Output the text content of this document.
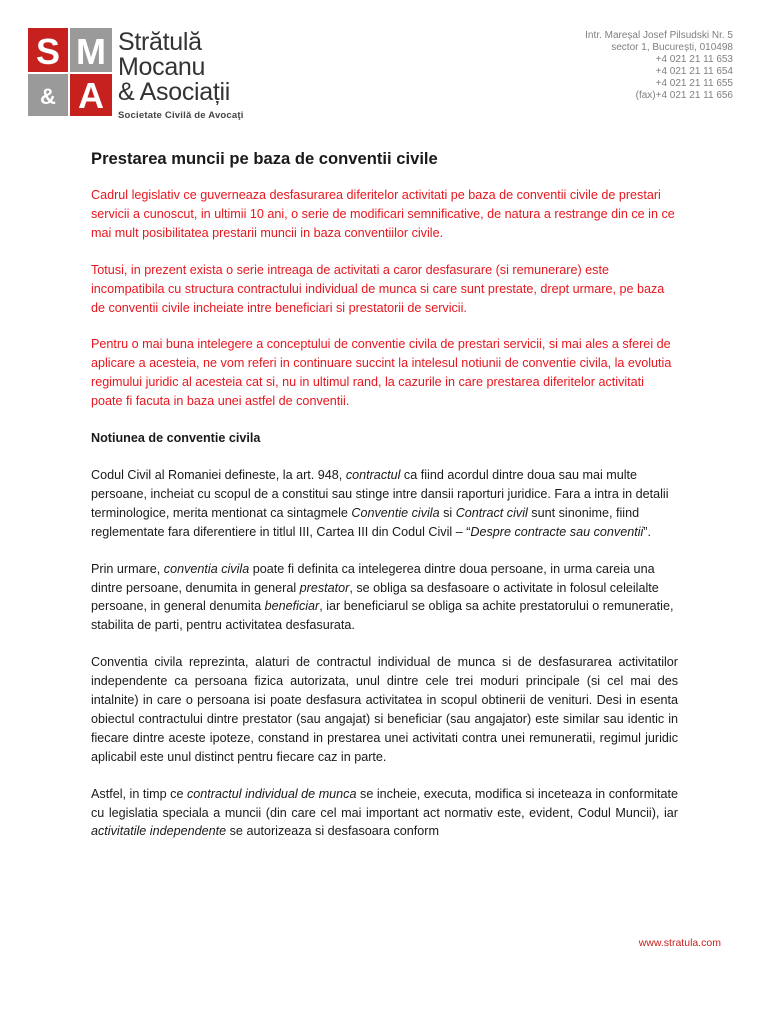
S M
& A
Strătulă
Mocanu
& Asociații
Societate Civilă de Avocaţi
Intr. Mareșal Josef Pilsudski Nr. 5
sector 1, București, 010498
+4 021 21 11 653
+4 021 21 11 654
+4 021 21 11 655
(fax)+4 021 21 11 656
Prestarea muncii pe baza de conventii civile

Cadrul legislativ ce guverneaza desfasurarea diferitelor activitati pe baza de conventii civile de prestari servicii a cunoscut, in ultimii 10 ani, o serie de modificari semnificative, de natura a restrange din ce in ce mai mult posibilitatea prestarii muncii in baza conventiilor civile.

Totusi, in prezent exista o serie intreaga de activitati a caror desfasurare (si remunerare) este incompatibila cu structura contractului individual de munca si care sunt prestate, drept urmare, pe baza de conventii civile incheiate intre beneficiari si prestatorii de servicii.

Pentru o mai buna intelegere a conceptului de conventie civila de prestari servicii, si mai ales a sferei de aplicare a acesteia, ne vom referi in continuare succint la intelesul notiunii de conventie civila, la evolutia regimului juridic al acesteia cat si, nu in ultimul rand, la cazurile in care prestarea diferitelor activitati poate fi facuta in baza unei astfel de conventii.

Notiunea de conventie civila

Codul Civil al Romaniei defineste, la art. 948, contractul ca fiind acordul dintre doua sau mai multe persoane, incheiat cu scopul de a constitui sau stinge intre dansii raporturi juridice. Fara a intra in detalii terminologice, merita mentionat ca sintagmele Conventie civila si Contract civil sunt sinonime, fiind reglementate fara diferentiere in titlul III, Cartea III din Codul Civil – “Despre contracte sau conventii”.

Prin urmare, conventia civila poate fi definita ca intelegerea dintre doua persoane, in urma careia una dintre persoane, denumita in general prestator, se obliga sa desfasoare o activitate in folosul celeilalte persoane, in general denumita beneficiar, iar beneficiarul se obliga sa achite prestatorului o remuneratie, stabilita de parti, pentru activitatea desfasurata.

Conventia civila reprezinta, alaturi de contractul individual de munca si de desfasurarea activitatilor independente ca persoana fizica autorizata, unul dintre cele trei moduri principale (si cel mai des intalnite) in care o persoana isi poate desfasura activitatea in scopul obtinerii de venituri. Desi in esenta obiectul contractului dintre prestator (sau angajat) si beneficiar (sau angajator) este similar sau identic in fiecare dintre aceste ipoteze, constand in prestarea unei activitati contra unei remuneratii, regimul juridic aplicabil este unul distinct pentru fiecare caz in parte.

Astfel, in timp ce contractul individual de munca se incheie, executa, modifica si inceteaza in conformitate cu legislatia speciala a muncii (din care cel mai important act normativ este, evident, Codul Muncii), iar activitatile independente se autorizeaza si desfasoara conform

www.stratula.com
